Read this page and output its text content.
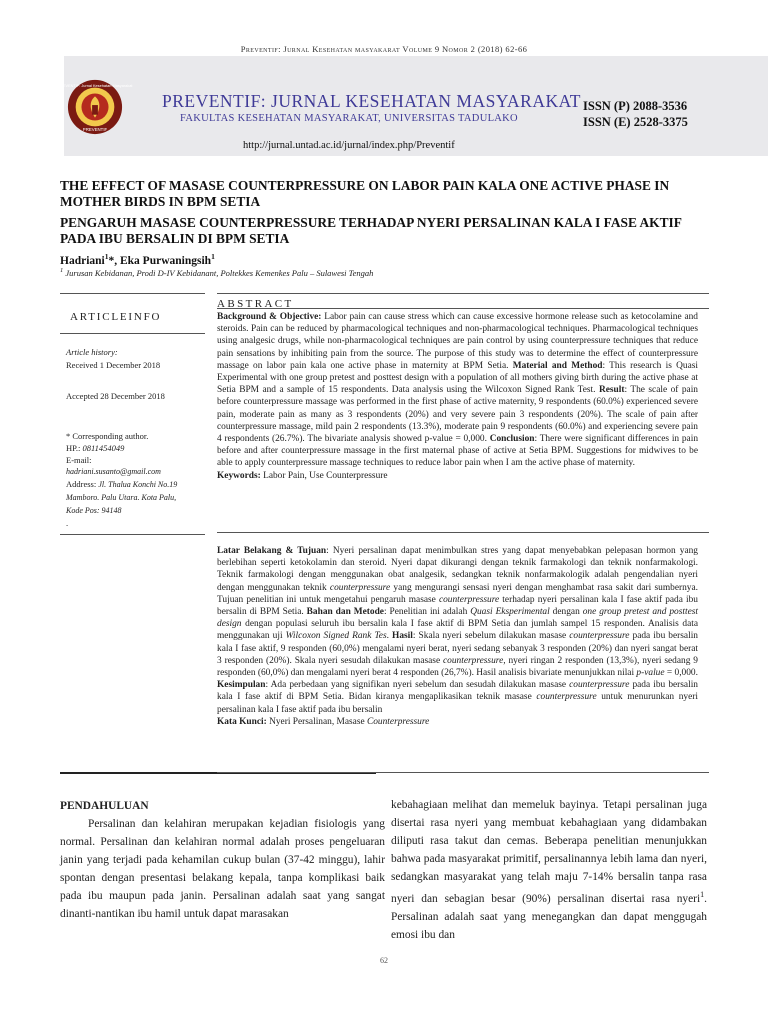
Preventif: Jurnal Kesehatan masyakarat Volume 9 Nomor 2 (2018) 62-66
PREVENTIF: Jurnal Kesehatan Masyarakat
PREVENTIF
PREVENTIF: JURNAL KESEHATAN MASYARAKAT
FAKULTAS KESEHATAN MASYARAKAT, UNIVERSITAS TADULAKO
ISSN (P) 2088-3536
ISSN (E) 2528-3375
http://jurnal.untad.ac.id/jurnal/index.php/Preventif
THE EFFECT OF MASASE COUNTERPRESSURE ON LABOR PAIN KALA ONE ACTIVE PHASE IN MOTHER BIRDS IN BPM SETIA
PENGARUH MASASE COUNTERPRESSURE TERHADAP NYERI PERSALINAN KALA I FASE AKTIF PADA IBU BERSALIN DI BPM SETIA
Hadriani$^1$*, Eka Purwaningsih$^1$
$^1$ Jurusan Kebidanan, Prodi D-IV Kebidanant, Poltekkes Kemenkes Palu – Sulawesi Tengah
ARTICLEINFO
Article history:
Received 1 December 2018
Accepted 28 December 2018
* Corresponding author.
HP.: 0811454049
E-mail:
hadriani.susanto@gmail.com
Address: Jl. Thalua Konchi No.19 Mamboro. Palu Utara. Kota Palu, Kode Pos: 94148
.
ABSTRACT
Background & Objective: Labor pain can cause stress which can cause excessive hormone release such as ketocolamine and steroids. Pain can be reduced by pharmacological techniques and non-pharmacological techniques. Pharmacological techniques using analgesic drugs, while non-pharmacological techniques are pain control by using counterpressure techniques that reduce pain sensations by inhibiting pain from the source. The purpose of this study was to determine the effect of counterpressure massage on labor pain kala one active phase in maternity at BPM Setia. Material and Method: This research is Quasi Experimental with one group pretest and posttest design with a population of all mothers giving birth during the active phase at Setia BPM and a sample of 15 respondents. Data analysis using the Wilcoxon Signed Rank Test. Result: The scale of pain before counterpressure massage was performed in the first phase of active maternity, 9 respondents (60.0%) experienced severe pain, moderate pain as many as 3 respondents (20%) and very severe pain 3 respondents (20%). The scale of pain after counterpressure massage, mild pain 2 respondents (13.3%), moderate pain 9 respondents (60.0%) and experiencing severe pain 4 respondents (26.7%). The bivariate analysis showed p-value = 0,000. Conclusion: There were significant differences in pain before and after counterpressure massage in the first maternal phase of active at Setia BPM. Suggestions for midwives to be able to apply counterpressure massage techniques to reduce labor pain when I am the active phase of maternity.
Keywords: Labor Pain, Use Counterpressure
Latar Belakang & Tujuan: Nyeri persalinan dapat menimbulkan stres yang dapat menyebabkan pelepasan hormon yang berlebihan seperti ketokolamin dan steroid. Nyeri dapat dikurangi dengan teknik farmakologi dan teknik nonfarmakologi. Teknik farmakologi dengan menggunakan obat analgesik, sedangkan teknik nonfarmakologik adalah pengendalian nyeri dengan menggunakan teknik counterpressure yang mengurangi sensasi nyeri dengan menghambat rasa sakit dari sumbernya. Tujuan penelitian ini untuk mengetahui pengaruh masase counterpressure terhadap nyeri persalinan kala I fase aktif pada ibu bersalin di BPM Setia. Bahan dan Metode: Penelitian ini adalah Quasi Eksperimental dengan one group pretest and posttest design dengan populasi seluruh ibu bersalin kala I fase aktif di BPM Setia dan jumlah sampel 15 responden. Analisis data menggunakan uji Wilcoxon Signed Rank Tes. Hasil: Skala nyeri sebelum dilakukan masase counterpressure pada ibu bersalin kala I fase aktif, 9 responden (60,0%) mengalami nyeri berat, nyeri sedang sebanyak 3 responden (20%) dan nyeri sangat berat 3 responden (20%). Skala nyeri sesudah dilakukan masase counterpressure, nyeri ringan 2 responden (13,3%), nyeri sedang 9 responden (60,0%) dan mengalami nyeri berat 4 responden (26,7%). Hasil analisis bivariate menunjukkan nilai p-value = 0,000.
Kesimpulan: Ada perbedaan yang signifikan nyeri sebelum dan sesudah dilakukan masase counterpressure pada ibu bersalin kala I fase aktif di BPM Setia. Bidan kiranya mengaplikasikan teknik masase counterpressure untuk menurunkan nyeri persalinan kala I fase aktif pada ibu bersalin
Kata Kunci: Nyeri Persalinan, Masase Counterpressure
PENDAHULUAN
Persalinan dan kelahiran merupakan kejadian fisiologis yang normal. Persalinan dan kelahiran normal adalah proses pengeluaran janin yang terjadi pada kehamilan cukup bulan (37-42 minggu), lahir spontan dengan presentasi belakang kepala, tanpa komplikasi baik pada ibu maupun pada janin. Persalinan adalah saat yang sangat dinanti-nantikan ibu hamil untuk dapat marasakan
kebahagiaan melihat dan memeluk bayinya. Tetapi persalinan juga disertai rasa nyeri yang membuat kebahagiaan yang didambakan diliputi rasa takut dan cemas. Beberapa penelitian menunjukkan bahwa pada masyarakat primitif, persalinannya lebih lama dan nyeri, sedangkan masyarakat yang telah maju 7-14% bersalin tanpa rasa nyeri dan sebagian besar (90%) persalinan disertai rasa nyeri$^1$. Persalinan adalah saat yang menegangkan dan dapat menggugah emosi ibu dan
62
